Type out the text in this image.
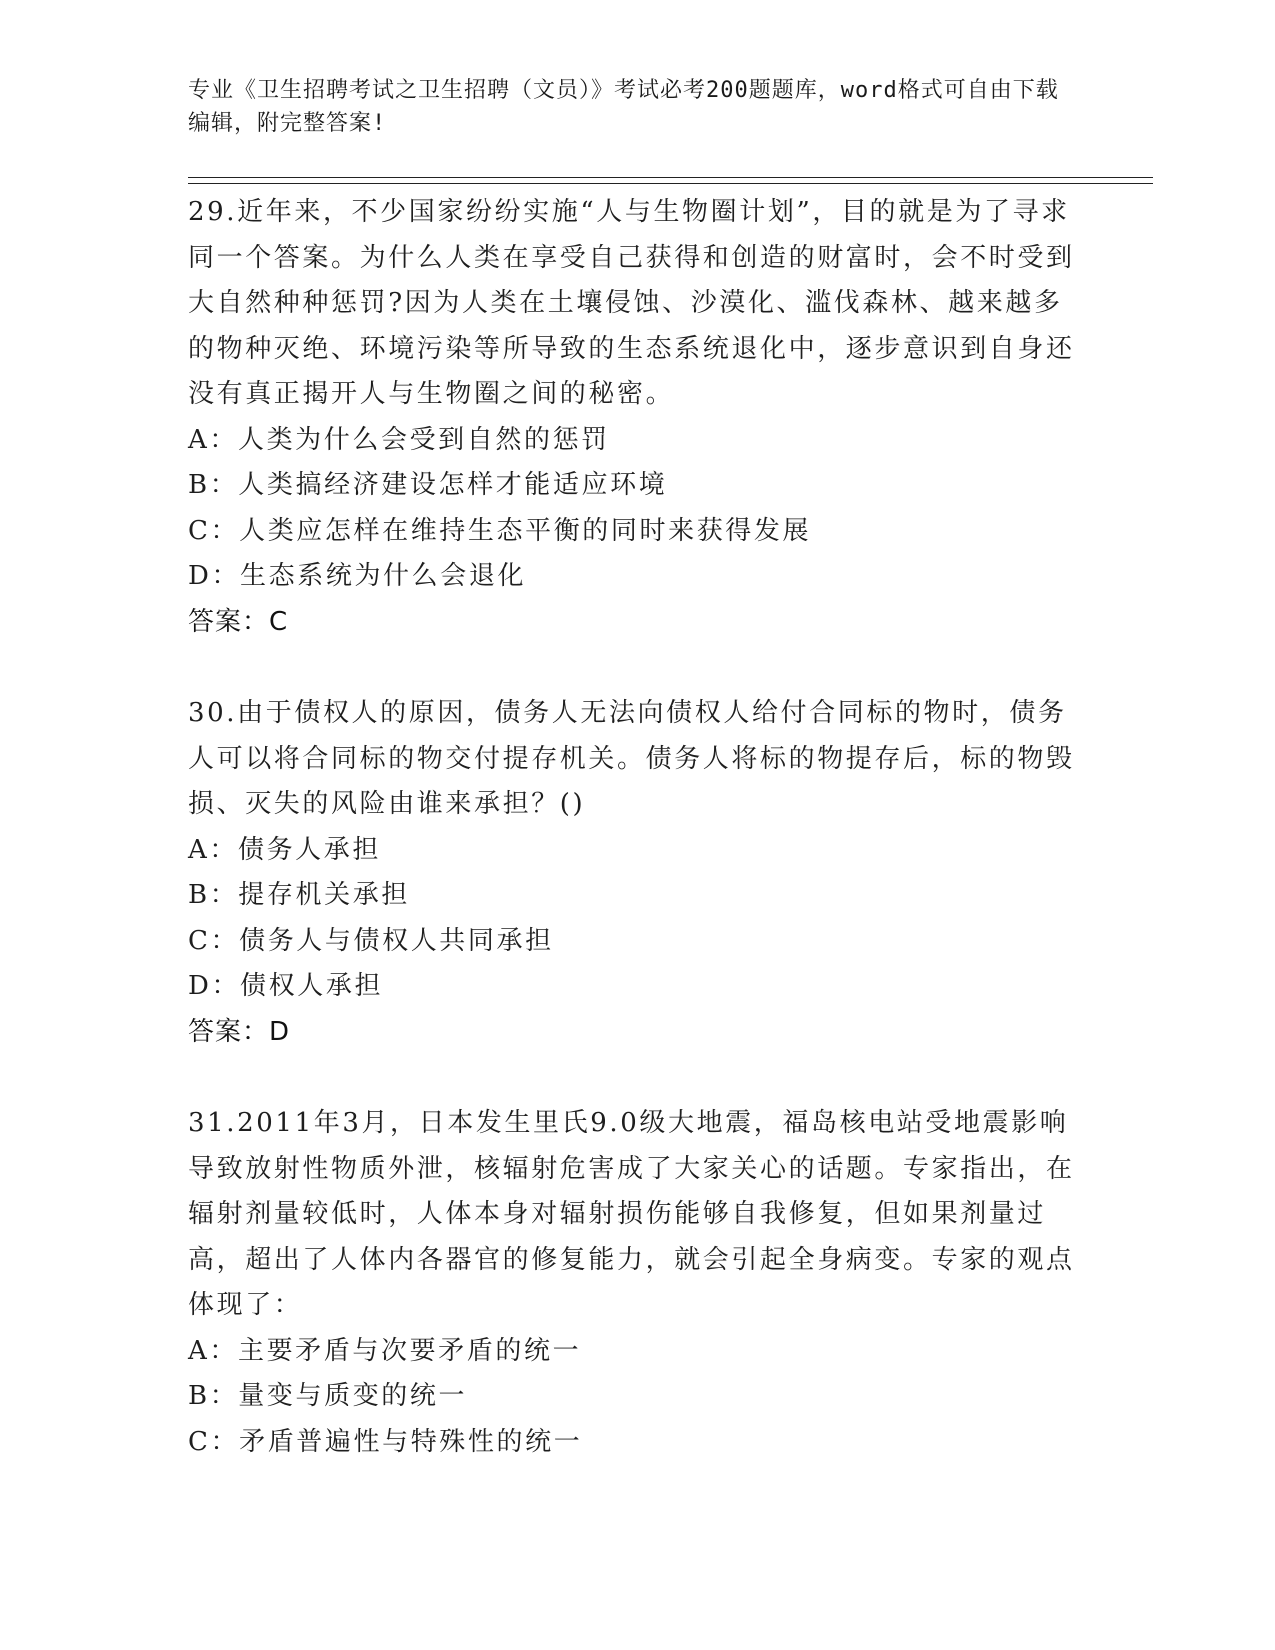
专业《卫生招聘考试之卫生招聘（文员）》考试必考200题题库，word格式可自由下载编辑，附完整答案!
29.近年来，不少国家纷纷实施“人与生物圈计划”，目的就是为了寻求同一个答案。为什么人类在享受自己获得和创造的财富时，会不时受到大自然种种惩罚?因为人类在土壤侵蚀、沙漠化、滥伐森林、越来越多的物种灭绝、环境污染等所导致的生态系统退化中，逐步意识到自身还没有真正揭开人与生物圈之间的秘密。
A：人类为什么会受到自然的惩罚
B：人类搞经济建设怎样才能适应环境
C：人类应怎样在维持生态平衡的同时来获得发展
D：生态系统为什么会退化
答案：C
30.由于债权人的原因，债务人无法向债权人给付合同标的物时，债务人可以将合同标的物交付提存机关。债务人将标的物提存后，标的物毁损、灭失的风险由谁来承担？()
A：债务人承担
B：提存机关承担
C：债务人与债权人共同承担
D：债权人承担
答案：D
31.2011年3月，日本发生里氏9.0级大地震，福岛核电站受地震影响导致放射性物质外泄，核辐射危害成了大家关心的话题。专家指出，在辐射剂量较低时，人体本身对辐射损伤能够自我修复，但如果剂量过高，超出了人体内各器官的修复能力，就会引起全身病变。专家的观点体现了：
A：主要矛盾与次要矛盾的统一
B：量变与质变的统一
C：矛盾普遍性与特殊性的统一
